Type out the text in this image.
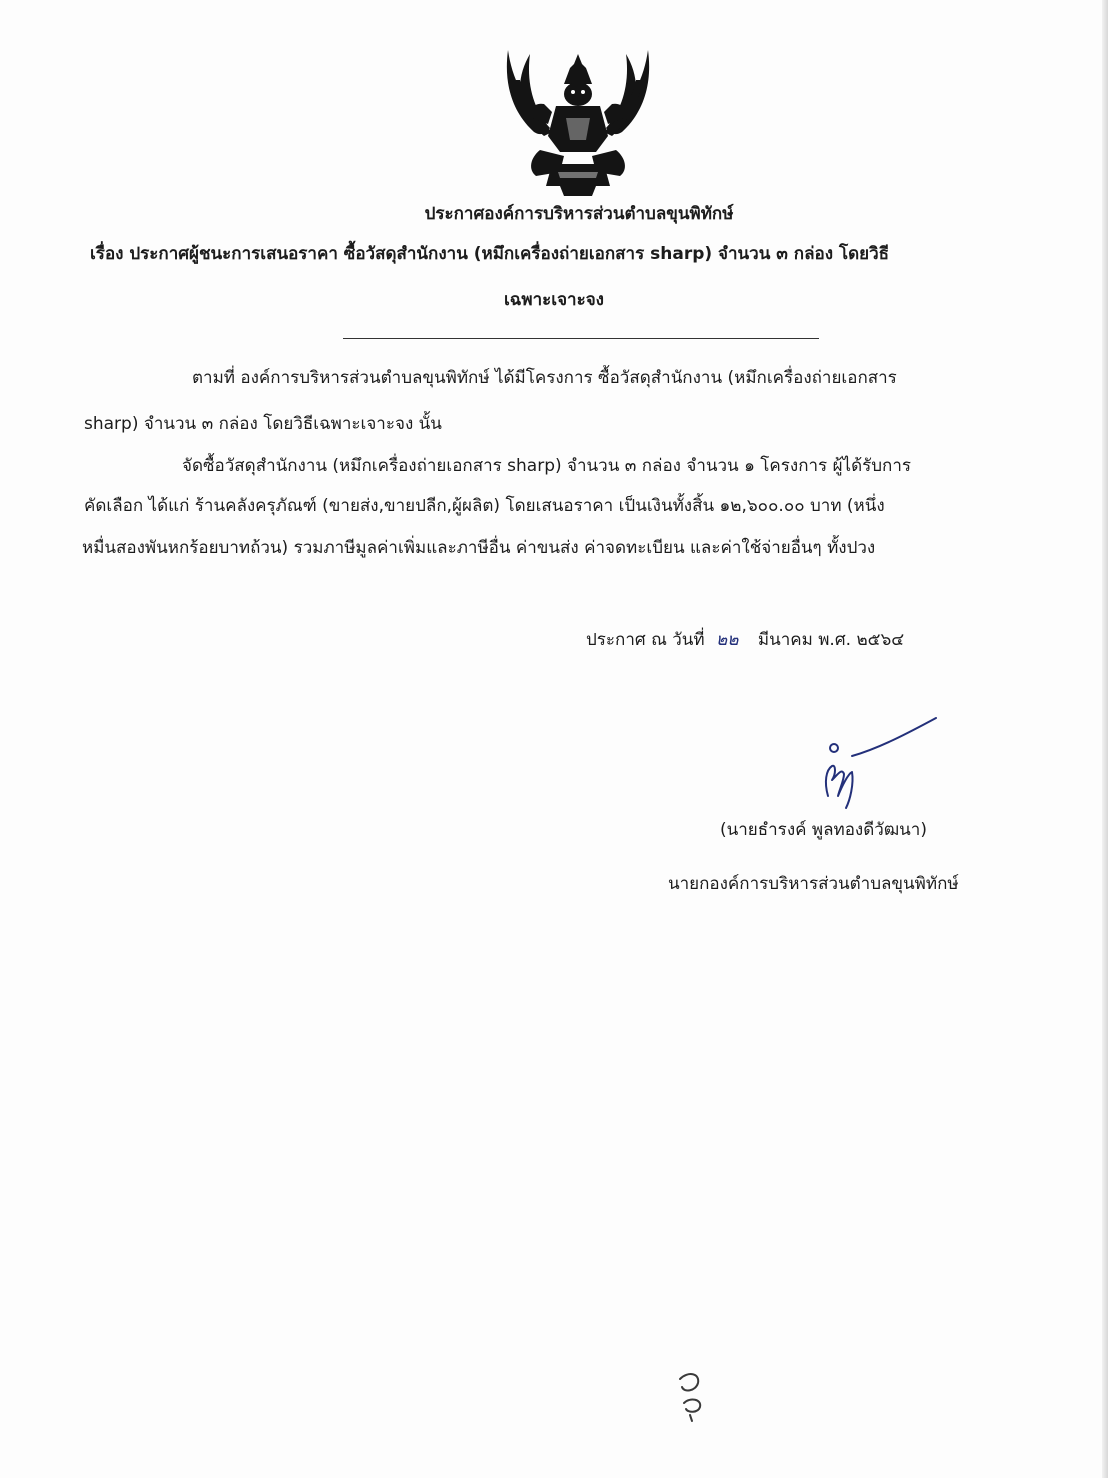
ประกาศองค์การบริหารส่วนตำบลขุนพิทักษ์
เรื่อง ประกาศผู้ชนะการเสนอราคา ซื้อวัสดุสำนักงาน (หมึกเครื่องถ่ายเอกสาร sharp) จำนวน ๓ กล่อง โดยวิธี
เฉพาะเจาะจง
ตามที่ องค์การบริหารส่วนตำบลขุนพิทักษ์ ได้มีโครงการ ซื้อวัสดุสำนักงาน (หมึกเครื่องถ่ายเอกสาร
sharp) จำนวน ๓ กล่อง โดยวิธีเฉพาะเจาะจง นั้น
จัดซื้อวัสดุสำนักงาน (หมึกเครื่องถ่ายเอกสาร sharp) จำนวน ๓ กล่อง จำนวน ๑ โครงการ ผู้ได้รับการ
คัดเลือก ได้แก่ ร้านคลังครุภัณฑ์ (ขายส่ง,ขายปลีก,ผู้ผลิต) โดยเสนอราคา เป็นเงินทั้งสิ้น ๑๒,๖๐๐.๐๐ บาท (หนึ่ง
หมื่นสองพันหกร้อยบาทถ้วน) รวมภาษีมูลค่าเพิ่มและภาษีอื่น ค่าขนส่ง ค่าจดทะเบียน และค่าใช้จ่ายอื่นๆ ทั้งปวง
ประกาศ ณ วันที่ ๒๒ มีนาคม พ.ศ. ๒๕๖๔
(นายธำรงค์ พูลทองดีวัฒนา)
นายกองค์การบริหารส่วนตำบลขุนพิทักษ์
